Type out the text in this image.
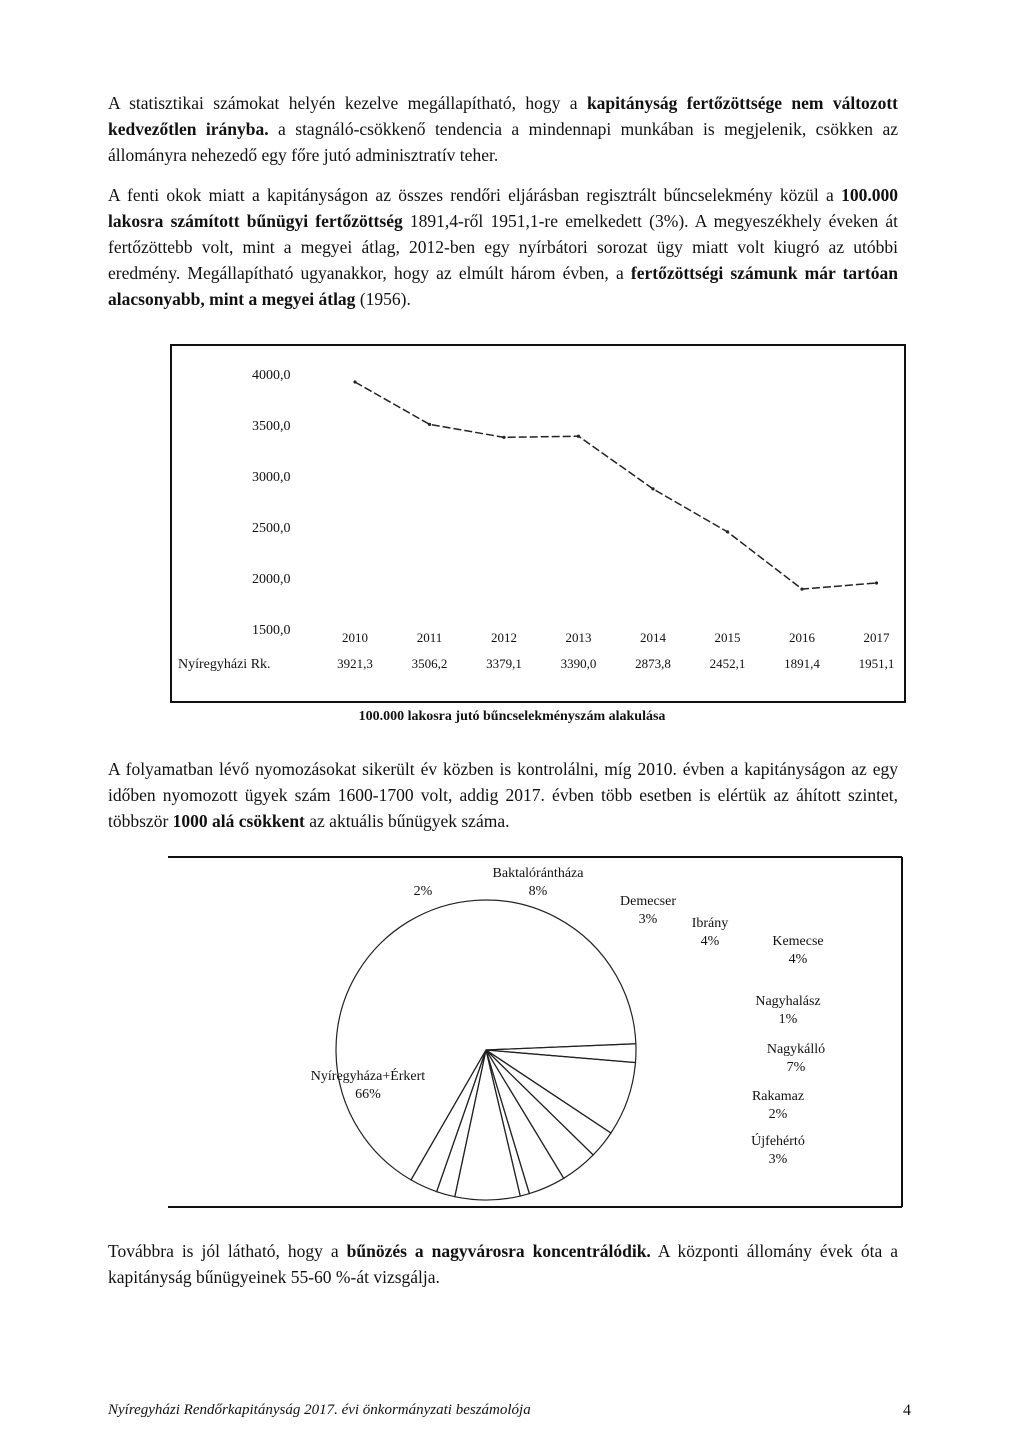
A statisztikai számokat helyén kezelve megállapítható, hogy a kapitányság fertőzöttsége nem változott kedvezőtlen irányba. a stagnáló-csökkenő tendencia a mindennapi munkában is megjelenik, csökken az állományra nehezedő egy főre jutó adminisztratív teher.

A fenti okok miatt a kapitányságon az összes rendőri eljárásban regisztrált bűncselekmény közül a 100.000 lakosra számított bűnügyi fertőzöttség 1891,4-ről 1951,1-re emelkedett (3%). A megyeszékhely éveken át fertőzöttebb volt, mint a megyei átlag, 2012-ben egy nyírbátori sorozat ügy miatt volt kiugró az utóbbi eredmény. Megállapítható ugyanakkor, hogy az elmúlt három évben, a fertőzöttségi számunk már tartóan alacsonyabb, mint a megyei átlag (1956).

4000,0
3500,0
3000,0
2500,0
2000,0
1500,0	2010	2011	2012	2013	2014	2015	2016	2017
Nyíregyházi Rk.	3921,3	3506,2	3379,1	3390,0	2873,8	2452,1	1891,4	1951,1

100.000 lakosra jutó bűncselekményszám alakulása

A folyamatban lévő nyomozásokat sikerült év közben is kontrolálni, míg 2010. évben a kapitányságon az egy időben nyomozott ügyek szám 1600-1700 volt, addig 2017. évben több esetben is elértük az áhított szintet, többször 1000 alá csökkent az aktuális bűnügyek száma.

Nyíregyháza+Érkert
66%
2%
Baktalórántháza
8%
Demecser
3% Ibrány
4%	Kemecse
4%
Nagyhalász
1%
Nagykálló
7%
Rakamaz
2%
Újfehértó
3%

Továbbra is jól látható, hogy a bűnözés a nagyvárosra koncentrálódik. A központi állomány évek óta a kapitányság bűnügyeinek 55-60 %-át vizsgálja.

Nyíregyházi Rendőrkapitányság 2017. évi önkormányzati beszámolója	4
